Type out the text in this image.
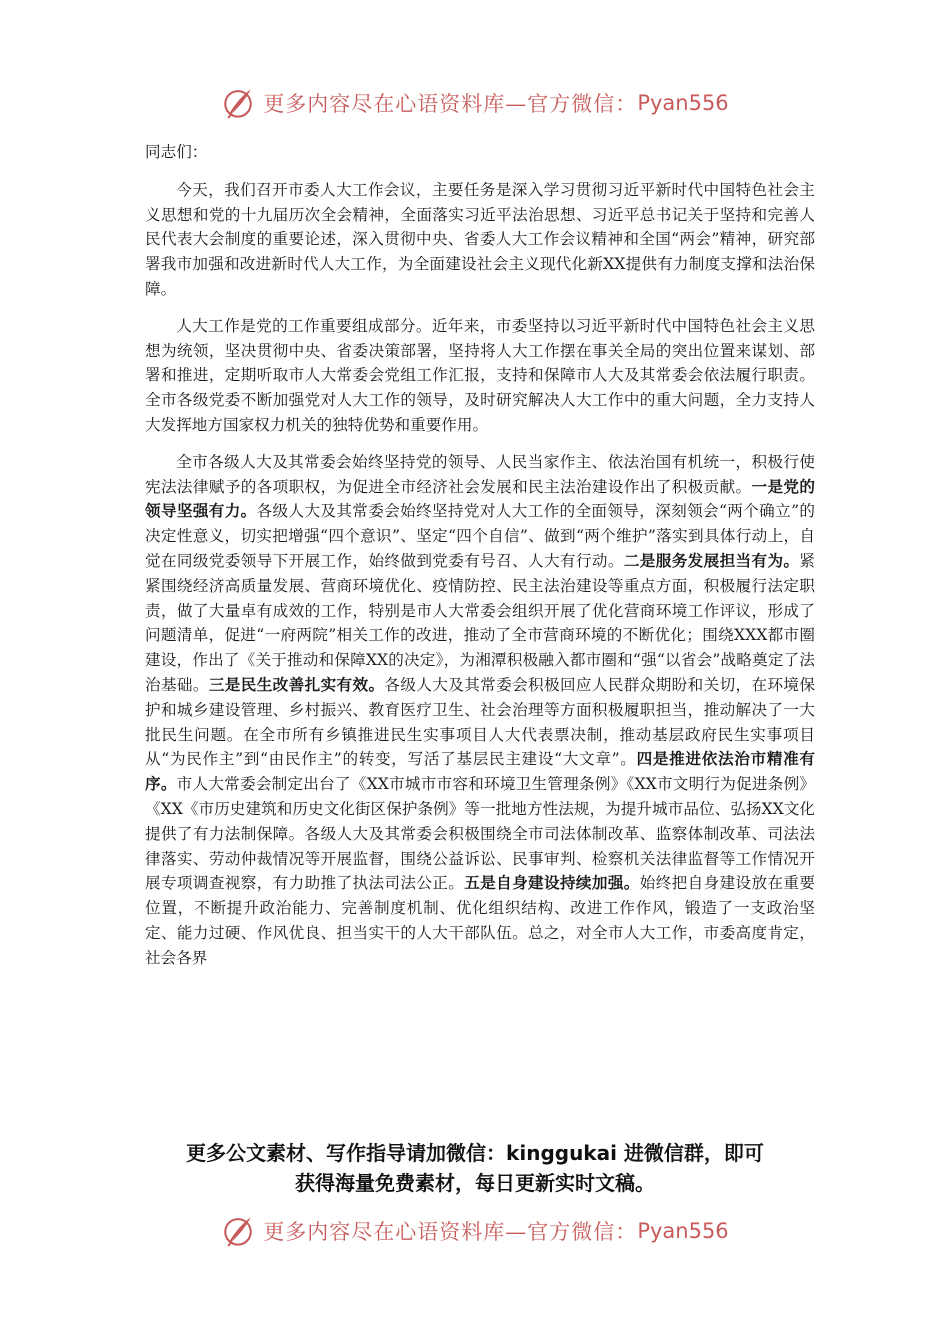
更多内容尽在心语资料库—官方微信： Pyan556

同志们：

今天，我们召开市委人大工作会议，主要任务是深入学习贯彻习近平新时代中国特色社会主义思想和党的十九届历次全会精神，全面落实习近平法治思想、习近平总书记关于坚持和完善人民代表大会制度的重要论述，深入贯彻中央、省委人大工作会议精神和全国“两会”精神，研究部署我市加强和改进新时代人大工作，为全面建设社会主义现代化新XX提供有力制度支撑和法治保障。

人大工作是党的工作重要组成部分。近年来，市委坚持以习近平新时代中国特色社会主义思想为统领，坚决贯彻中央、省委决策部署，坚持将人大工作摆在事关全局的突出位置来谋划、部署和推进，定期听取市人大常委会党组工作汇报，支持和保障市人大及其常委会依法履行职责。全市各级党委不断加强党对人大工作的领导，及时研究解决人大工作中的重大问题，全力支持人大发挥地方国家权力机关的独特优势和重要作用。

全市各级人大及其常委会始终坚持党的领导、人民当家作主、依法治国有机统一，积极行使宪法法律赋予的各项职权，为促进全市经济社会发展和民主法治建设作出了积极贡献。一是党的领导坚强有力。各级人大及其常委会始终坚持党对人大工作的全面领导，深刻领会“两个确立”的决定性意义，切实把增强“四个意识”、坚定“四个自信”、做到“两个维护”落实到具体行动上，自觉在同级党委领导下开展工作，始终做到党委有号召、人大有行动。二是服务发展担当有为。紧紧围绕经济高质量发展、营商环境优化、疫情防控、民主法治建设等重点方面，积极履行法定职责，做了大量卓有成效的工作，特别是市人大常委会组织开展了优化营商环境工作评议，形成了问题清单，促进“一府两院”相关工作的改进，推动了全市营商环境的不断优化；围绕XXX都市圈建设，作出了《关于推动和保障XX的决定》，为湘潭积极融入都市圈和“强“以省会”战略奠定了法治基础。三是民生改善扎实有效。各级人大及其常委会积极回应人民群众期盼和关切，在环境保护和城乡建设管理、乡村振兴、教育医疗卫生、社会治理等方面积极履职担当，推动解决了一大批民生问题。在全市所有乡镇推进民生实事项目人大代表票决制，推动基层政府民生实事项目从“为民作主”到“由民作主”的转变，写活了基层民主建设“大文章”。四是推进依法治市精准有序。市人大常委会制定出台了《XX市城市市容和环境卫生管理条例》《XX市文明行为促进条例》《XX《市历史建筑和历史文化街区保护条例》等一批地方性法规，为提升城市品位、弘扬XX文化提供了有力法制保障。各级人大及其常委会积极围绕全市司法体制改革、监察体制改革、司法法律落实、劳动仲裁情况等开展监督，围绕公益诉讼、民事审判、检察机关法律监督等工作情况开展专项调查视察，有力助推了执法司法公正。五是自身建设持续加强。始终把自身建设放在重要位置，不断提升政治能力、完善制度机制、优化组织结构、改进工作作风，锻造了一支政治坚定、能力过硬、作风优良、担当实干的人大干部队伍。总之，对全市人大工作，市委高度肯定，社会各界

更多公文素材、写作指导请加微信：kinggukai 进微信群，即可
获得海量免费素材，每日更新实时文稿。
更多内容尽在心语资料库—官方微信： Pyan556
